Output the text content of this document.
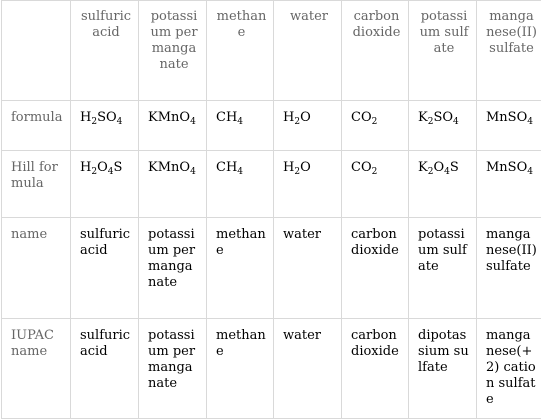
	sulfuric acid	potassium permanganate	methane	water	carbon dioxide	potassium sulfate	manganese(II) sulfate
formula	$H_2SO_4$	KMnO$_4$	$CH_4$	$H_2O$	$CO_2$	$K_2SO_4$	MnSO$_4$
Hill formula	$H_2O_4S$	KMnO$_4$	$CH_4$	$H_2O$	$CO_2$	$K_2O_4S$	MnSO$_4$
name	sulfuric acid	potassium permanganate	methane	water	carbon dioxide	potassium sulfate	manganese(II) sulfate
IUPAC name	sulfuric acid	potassium permanganate	methane	water	carbon dioxide	dipotassium sulfate	manganese(+2) cation sulfate
